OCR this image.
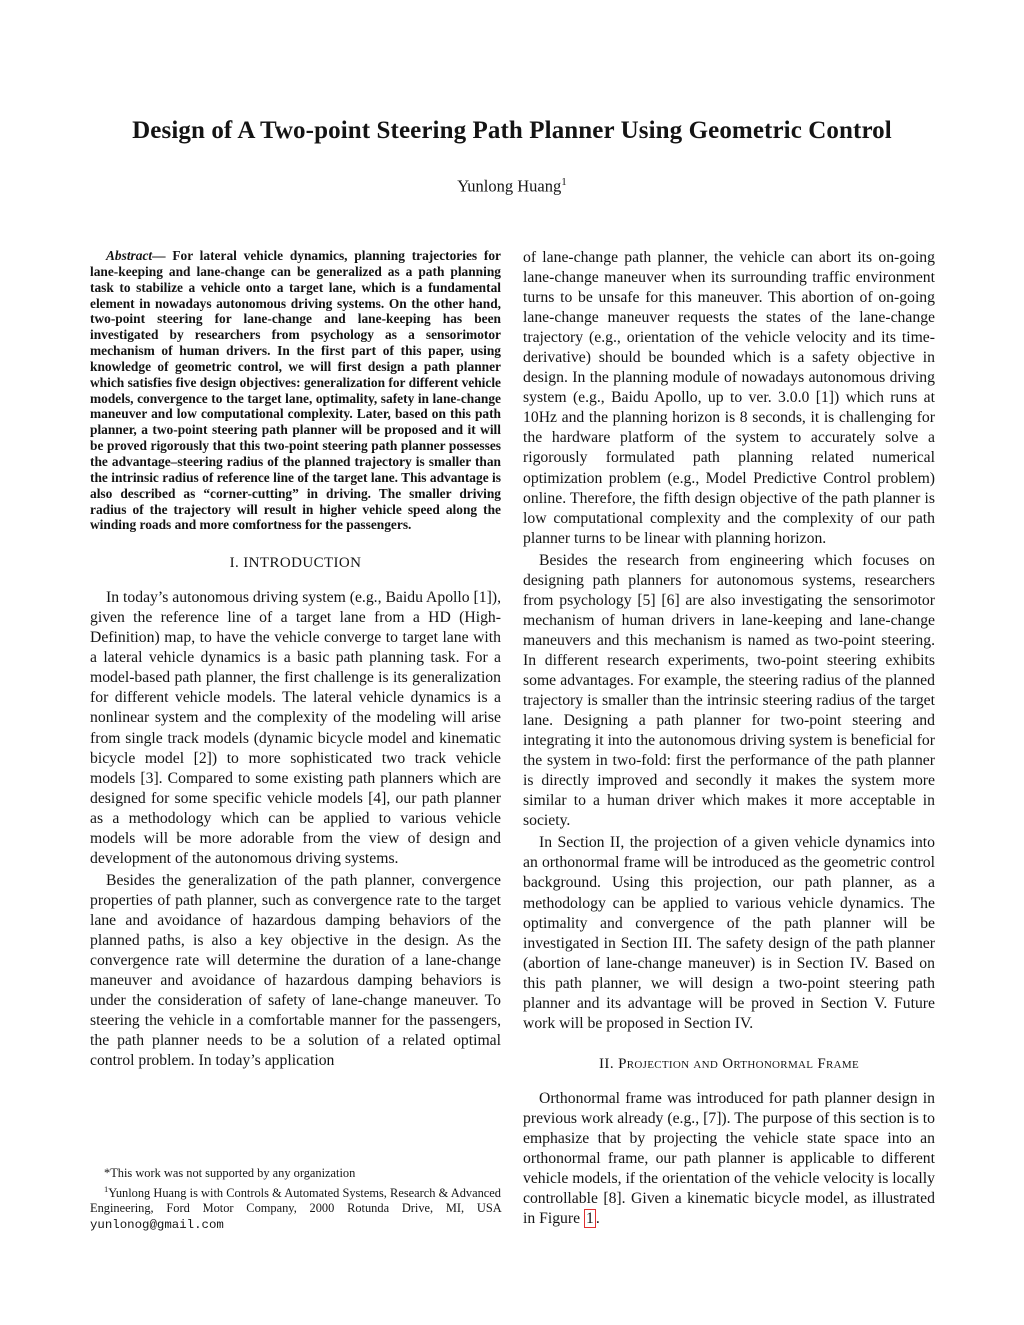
Design of A Two-point Steering Path Planner Using Geometric Control
Yunlong Huang$^1$

Abstract— For lateral vehicle dynamics, planning trajectories for lane-keeping and lane-change can be generalized as a path planning task to stabilize a vehicle onto a target lane, which is a fundamental element in nowadays autonomous driving systems. On the other hand, two-point steering for lane-change and lane-keeping has been investigated by researchers from psychology as a sensorimotor mechanism of human drivers. In the first part of this paper, using knowledge of geometric control, we will first design a path planner which satisfies five design objectives: generalization for different vehicle models, convergence to the target lane, optimality, safety in lane-change maneuver and low computational complexity. Later, based on this path planner, a two-point steering path planner will be proposed and it will be proved rigorously that this two-point steering path planner possesses the advantage–steering radius of the planned trajectory is smaller than the intrinsic radius of reference line of the target lane. This advantage is also described as “corner-cutting” in driving. The smaller driving radius of the trajectory will result in higher vehicle speed along the winding roads and more comfortness for the passengers.

I. INTRODUCTION

In today’s autonomous driving system (e.g., Baidu Apollo [1]), given the reference line of a target lane from a HD (High-Definition) map, to have the vehicle converge to target lane with a lateral vehicle dynamics is a basic path planning task. For a model-based path planner, the first challenge is its generalization for different vehicle models. The lateral vehicle dynamics is a nonlinear system and the complexity of the modeling will arise from single track models (dynamic bicycle model and kinematic bicycle model [2]) to more sophisticated two track vehicle models [3]. Compared to some existing path planners which are designed for some specific vehicle models [4], our path planner as a methodology which can be applied to various vehicle models will be more adorable from the view of design and development of the autonomous driving systems.

Besides the generalization of the path planner, convergence properties of path planner, such as convergence rate to the target lane and avoidance of hazardous damping behaviors of the planned paths, is also a key objective in the design. As the convergence rate will determine the duration of a lane-change maneuver and avoidance of hazardous damping behaviors is under the consideration of safety of lane-change maneuver. To steering the vehicle in a comfortable manner for the passengers, the path planner needs to be a solution of a related optimal control problem. In today’s application

*This work was not supported by any organization

$^1$Yunlong Huang is with Controls & Automated Systems, Research & Advanced Engineering, Ford Motor Company, 2000 Rotunda Drive, MI, USA yunlonog@gmail.com

of lane-change path planner, the vehicle can abort its on-going lane-change maneuver when its surrounding traffic environment turns to be unsafe for this maneuver. This abortion of on-going lane-change maneuver requests the states of the lane-change trajectory (e.g., orientation of the vehicle velocity and its time-derivative) should be bounded which is a safety objective in design. In the planning module of nowadays autonomous driving system (e.g., Baidu Apollo, up to ver. 3.0.0 [1]) which runs at 10Hz and the planning horizon is 8 seconds, it is challenging for the hardware platform of the system to accurately solve a rigorously formulated path planning related numerical optimization problem (e.g., Model Predictive Control problem) online. Therefore, the fifth design objective of the path planner is low computational complexity and the complexity of our path planner turns to be linear with planning horizon.

Besides the research from engineering which focuses on designing path planners for autonomous systems, researchers from psychology [5] [6] are also investigating the sensorimotor mechanism of human drivers in lane-keeping and lane-change maneuvers and this mechanism is named as two-point steering. In different research experiments, two-point steering exhibits some advantages. For example, the steering radius of the planned trajectory is smaller than the intrinsic steering radius of the target lane. Designing a path planner for two-point steering and integrating it into the autonomous driving system is beneficial for the system in two-fold: first the performance of the path planner is directly improved and secondly it makes the system more similar to a human driver which makes it more acceptable in society.

In Section II, the projection of a given vehicle dynamics into an orthonormal frame will be introduced as the geometric control background. Using this projection, our path planner, as a methodology can be applied to various vehicle dynamics. The optimality and convergence of the path planner will be investigated in Section III. The safety design of the path planner (abortion of lane-change maneuver) is in Section IV. Based on this path planner, we will design a two-point steering path planner and its advantage will be proved in Section V. Future work will be proposed in Section IV.

II. Projection and Orthonormal Frame

Orthonormal frame was introduced for path planner design in previous work already (e.g., [7]). The purpose of this section is to emphasize that by projecting the vehicle state space into an orthonormal frame, our path planner is applicable to different vehicle models, if the orientation of the vehicle velocity is locally controllable [8]. Given a kinematic bicycle model, as illustrated in Figure 1 .
